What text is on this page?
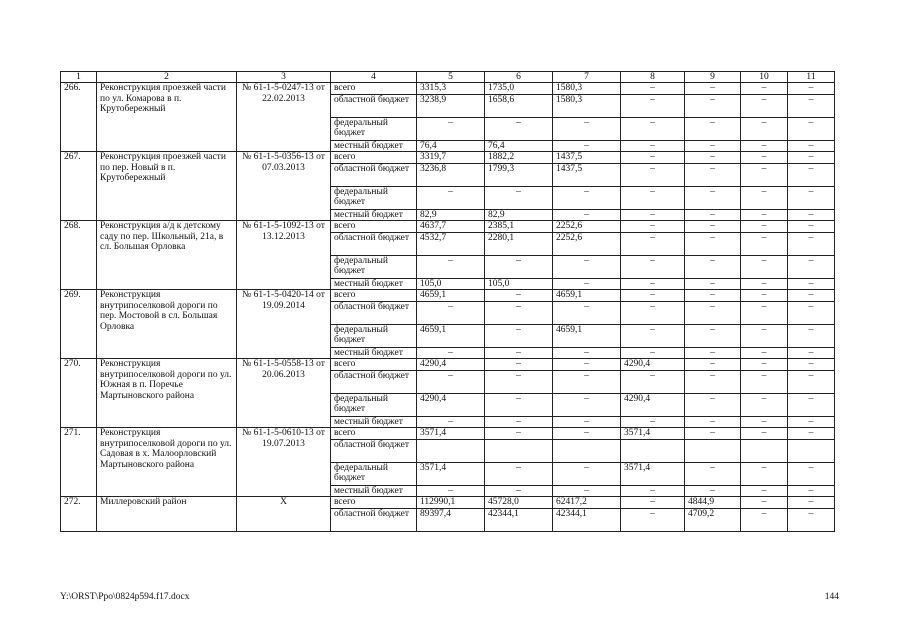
1	2	3	4	5	6	7	8	9	10	11
266.	Реконструкция проезжей части по ул. Комарова в п. Крутобережный	№ 61-1-5-0247-13 от 22.02.2013	всего	3315,3	1735,0	1580,3	–	–	–	–
			областной бюджет	3238,9	1658,6	1580,3	–	–	–	–
			федеральный бюджет	–	–	–	–	–	–	–
			местный бюджет	76,4	76,4	–	–	–	–	–
267.	Реконструкция проезжей части по пер. Новый в п. Крутобережный	№ 61-1-5-0356-13 от 07.03.2013	всего	3319,7	1882,2	1437,5	–	–	–	–
			областной бюджет	3236,8	1799,3	1437,5	–	–	–	–
			федеральный бюджет	–	–	–	–	–	–	–
			местный бюджет	82,9	82,9	–	–	–	–	–
268.	Реконструкция а/д к детскому саду по пер. Школьный, 21а, в сл. Большая Орловка	№ 61-1-5-1092-13 от 13.12.2013	всего	4637,7	2385,1	2252,6	–	–	–	–
			областной бюджет	4532,7	2280,1	2252,6	–	–	–	–
			федеральный бюджет	–	–	–	–	–	–	–
			местный бюджет	105,0	105,0	–	–	–	–	–
269.	Реконструкция внутрипоселковой дороги по пер. Мостовой в сл. Большая Орловка	№ 61-1-5-0420-14 от 19.09.2014	всего	4659,1	–	4659,1	–	–	–	–
			областной бюджет	–	–	–	–	–	–	–
			федеральный бюджет	4659,1	–	4659,1	–	–	–	–
			местный бюджет	–	–	–	–	–	–	–
270.	Реконструкция внутрипоселковой дороги по ул. Южная в п. Поречье Мартыновского района	№ 61-1-5-0558-13 от 20.06.2013	всего	4290,4	–	–	4290,4	–	–	–
			областной бюджет	–	–	–	–	–	–	–
			федеральный бюджет	4290,4	–	–	4290,4	–	–	–
			местный бюджет	–	–	–	–	–	–	–
271.	Реконструкция внутрипоселковой дороги по ул. Садовая в х. Малоорловский Мартыновского района	№ 61-1-5-0610-13 от 19.07.2013	всего	3571,4	–	–	3571,4	–	–	–
			областной бюджет							
			федеральный бюджет	3571,4	–	–	3571,4	–	–	–
			местный бюджет	–	–	–	–	–	–	–
272.	Миллеровский район	Х	всего	112990,1	45728,0	62417,2	–	4844,9	–	–
			областной бюджет	89397,4	42344,1	42344,1	–	4709,2	–	–
Y:\ORST\Ppo\0824p594.f17.docx	144
